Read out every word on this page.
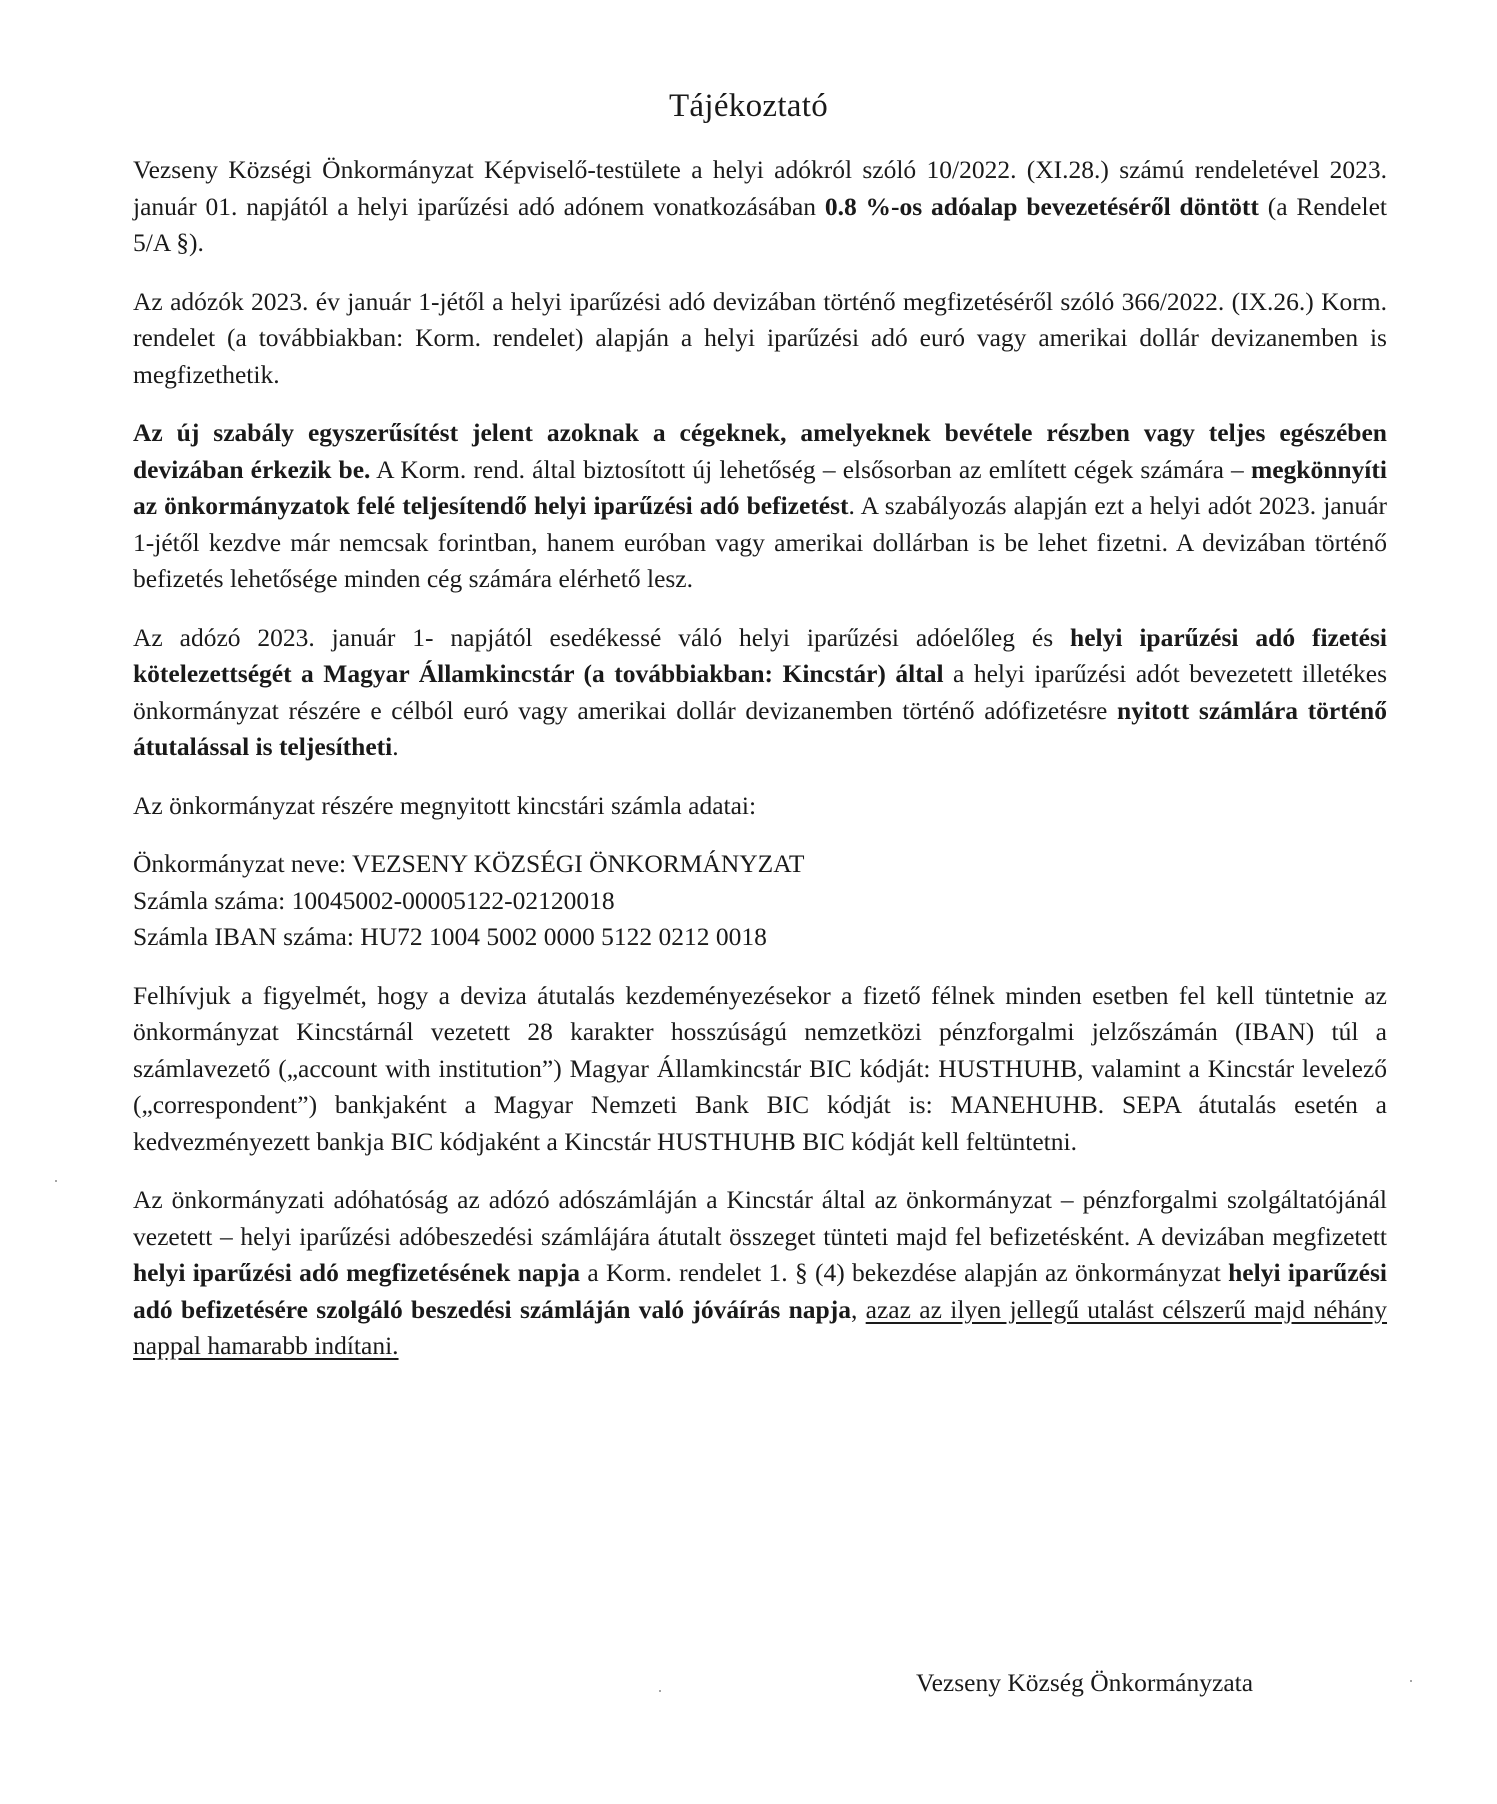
Tájékoztató

Vezseny Községi Önkormányzat Képviselő-testülete a helyi adókról szóló 10/2022. (XI.28.) számú rendeletével 2023. január 01. napjától a helyi iparűzési adó adónem vonatkozásában 0.8 %-os adóalap bevezetéséről döntött (a Rendelet 5/A §).

Az adózók 2023. év január 1-jétől a helyi iparűzési adó devizában történő megfizetéséről szóló 366/2022. (IX.26.) Korm. rendelet (a továbbiakban: Korm. rendelet) alapján a helyi iparűzési adó euró vagy amerikai dollár devizanemben is megfizethetik.

Az új szabály egyszerűsítést jelent azoknak a cégeknek, amelyeknek bevétele részben vagy teljes egészében devizában érkezik be. A Korm. rend. által biztosított új lehetőség – elsősorban az említett cégek számára – megkönnyíti az önkormányzatok felé teljesítendő helyi iparűzési adó befizetést. A szabályozás alapján ezt a helyi adót 2023. január 1-jétől kezdve már nemcsak forintban, hanem euróban vagy amerikai dollárban is be lehet fizetni. A devizában történő befizetés lehetősége minden cég számára elérhető lesz.

Az adózó 2023. január 1- napjától esedékessé váló helyi iparűzési adóelőleg és helyi iparűzési adó fizetési kötelezettségét a Magyar Államkincstár (a továbbiakban: Kincstár) által a helyi iparűzési adót bevezetett illetékes önkormányzat részére e célból euró vagy amerikai dollár devizanemben történő adófizetésre nyitott számlára történő átutalással is teljesítheti.

Az önkormányzat részére megnyitott kincstári számla adatai:

Önkormányzat neve: VEZSENY KÖZSÉGI ÖNKORMÁNYZAT
Számla száma: 10045002-00005122-02120018
Számla IBAN száma: HU72 1004 5002 0000 5122 0212 0018

Felhívjuk a figyelmét, hogy a deviza átutalás kezdeményezésekor a fizető félnek minden esetben fel kell tüntetnie az önkormányzat Kincstárnál vezetett 28 karakter hosszúságú nemzetközi pénzforgalmi jelzőszámán (IBAN) túl a számlavezető („account with institution”) Magyar Államkincstár BIC kódját: HUSTHUHB, valamint a Kincstár levelező („correspondent”) bankjaként a Magyar Nemzeti Bank BIC kódját is: MANEHUHB. SEPA átutalás esetén a kedvezményezett bankja BIC kódjaként a Kincstár HUSTHUHB BIC kódját kell feltüntetni.

Az önkormányzati adóhatóság az adózó adószámláján a Kincstár által az önkormányzat – pénzforgalmi szolgáltatójánál vezetett – helyi iparűzési adóbeszedési számlájára átutalt összeget tünteti majd fel befizetésként. A devizában megfizetett helyi iparűzési adó megfizetésének napja a Korm. rendelet 1. § (4) bekezdése alapján az önkormányzat helyi iparűzési adó befizetésére szolgáló beszedési számláján való jóváírás napja, azaz az ilyen jellegű utalást célszerű majd néhány nappal hamarabb indítani.

Vezseny Község Önkormányzata
